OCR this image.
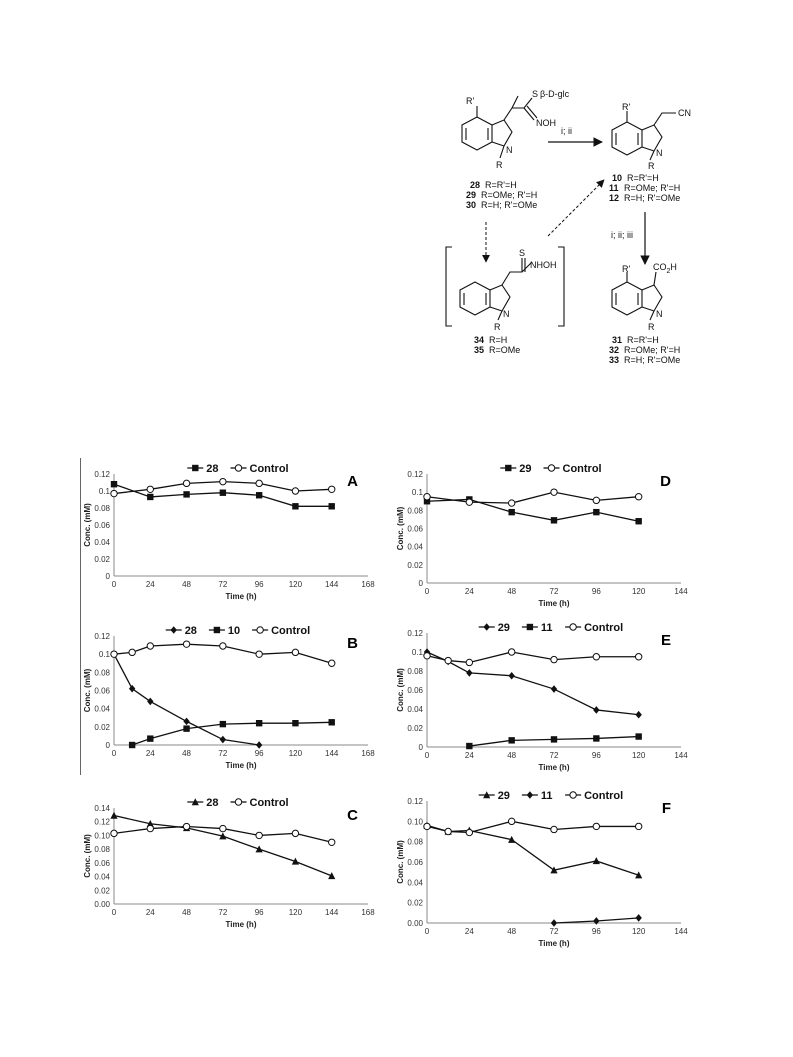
S β-D-glc
NOH
R'
N
R
28 R=R'=H
29 R=OMe; R'=H
30 R=H; R'=OMe
i; ii
CN
R'
N
R
10 R=R'=H
11 R=OMe; R'=H
12 R=H; R'=OMe
i; ii; iii
S
NHOH
N
R
34 R=H
35 R=OMe
$CO_2H$
R'
N
R
31 R=R'=H
32 R=OMe; R'=H
33 R=H; R'=OMe
0	24	48	72	96	120	144	168
0
0.02
0.04
0.06
0.08
0.1
0.12
Time (h)
Conc. (mM)
A
28	Control
0	24	48	72	96	120	144
0
0.02
0.04
0.06
0.08
0.1
0.12
Time (h)
Conc. (mM)
D
29	Control
0	24	48	72	96	120	144	168
0
0.02
0.04
0.06
0.08
0.1
0.12
Time (h)
Conc. (mM)
B
28	10	Control
0	24	48	72	96	120	144
0
0.02
0.04
0.06
0.08
0.1
0.12
Time (h)
Conc. (mM)
E
29	11	Control
0	24	48	72	96	120	144	168
0.00
0.02
0.04
0.06
0.08
0.10
0.12
0.14
Time (h)
Conc. (mM)
C
28	Control
0	24	48	72	96	120	144
0.00
0.02
0.04
0.06
0.08
0.10
0.12
Time (h)
Conc. (mM)
F
29	11	Control
